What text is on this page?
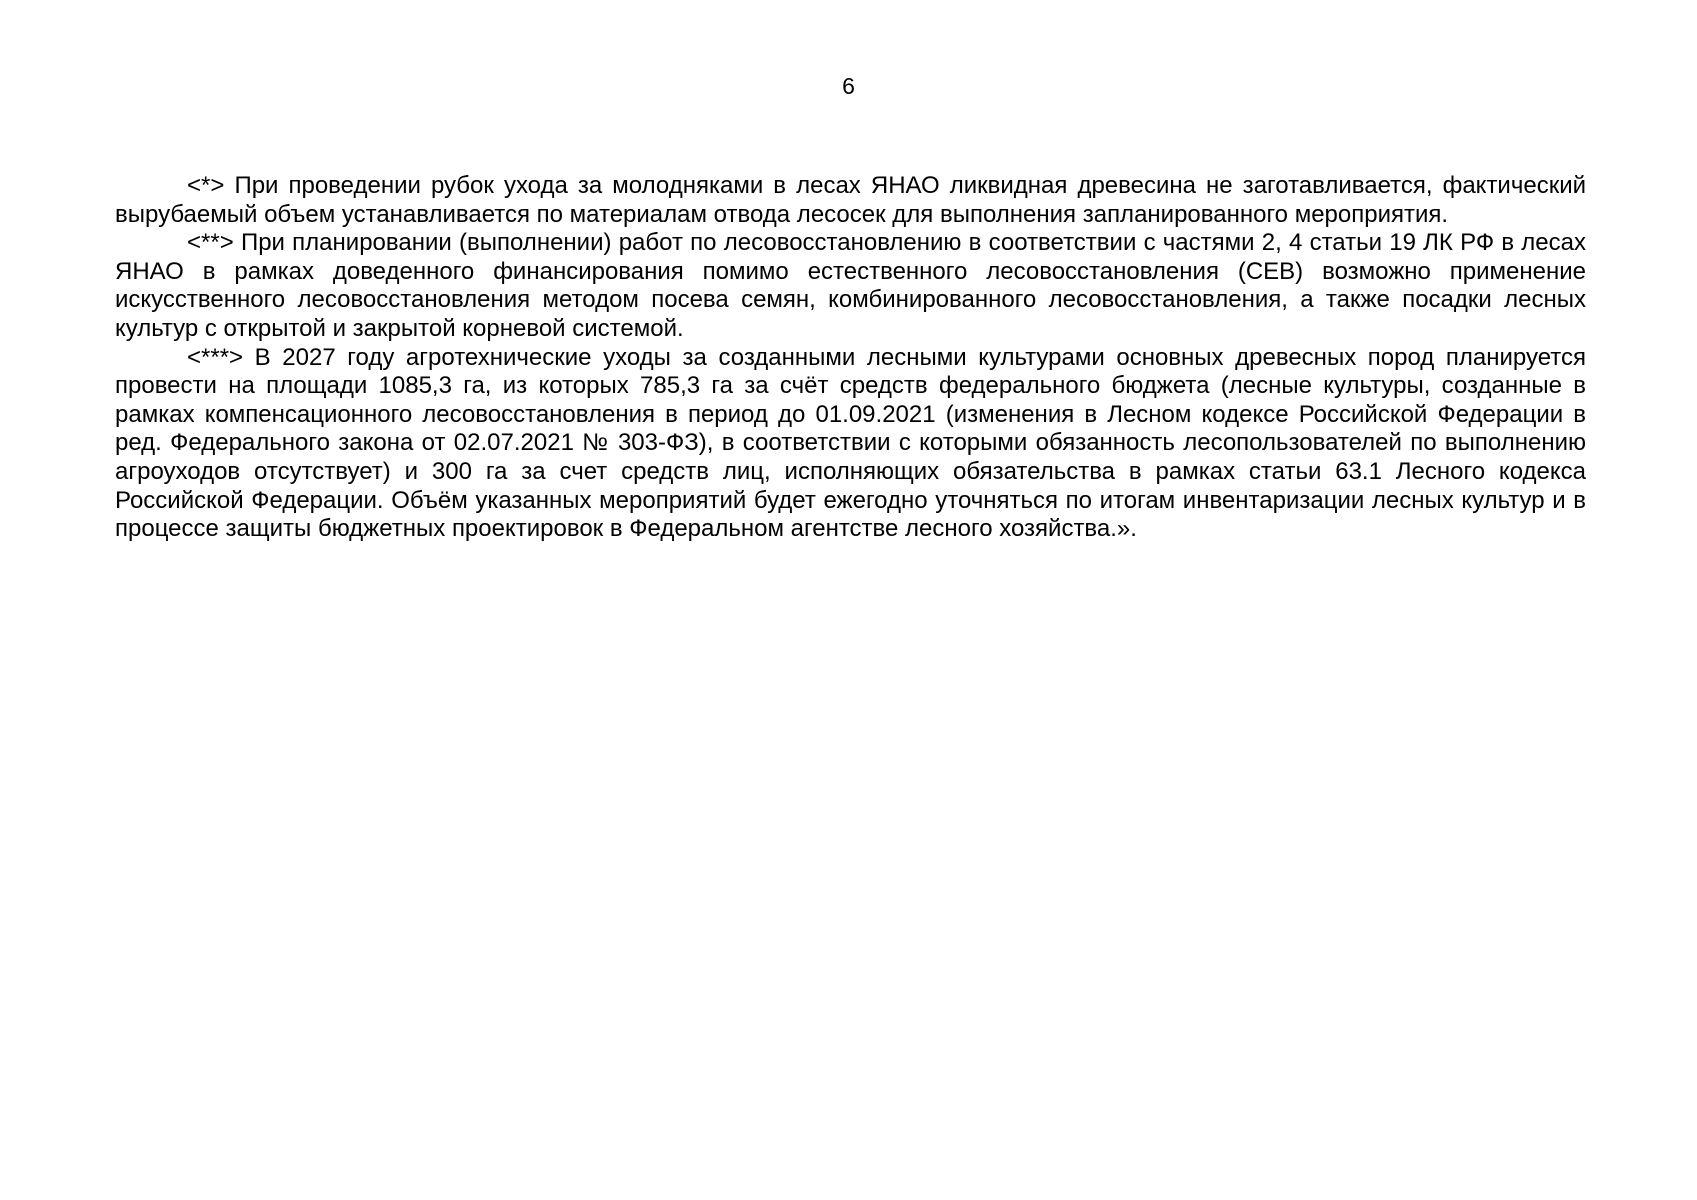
6

<*> При проведении рубок ухода за молодняками в лесах ЯНАО ликвидная древесина не заготавливается, фактический вырубаемый объем устанавливается по материалам отвода лесосек для выполнения запланированного мероприятия.

<**> При планировании (выполнении) работ по лесовосстановлению в соответствии с частями 2, 4 статьи 19 ЛК РФ в лесах ЯНАО в рамках доведенного финансирования помимо естественного лесовосстановления (СЕВ) возможно применение искусственного лесовосстановления методом посева семян, комбинированного лесовосстановления, а также посадки лесных культур с открытой и закрытой корневой системой.

<***> В 2027 году агротехнические уходы за созданными лесными культурами основных древесных пород планируется провести на площади 1085,3 га, из которых 785,3 га за счёт средств федерального бюджета (лесные культуры, созданные в рамках компенсационного лесовосстановления в период до 01.09.2021 (изменения в Лесном кодексе Российской Федерации в ред. Федерального закона от 02.07.2021 № 303-ФЗ), в соответствии с которыми обязанность лесопользователей по выполнению агроуходов отсутствует) и 300 га за счет средств лиц, исполняющих обязательства в рамках статьи 63.1 Лесного кодекса Российской Федерации. Объём указанных мероприятий будет ежегодно уточняться по итогам инвентаризации лесных культур и в процессе защиты бюджетных проектировок в Федеральном агентстве лесного хозяйства.».
